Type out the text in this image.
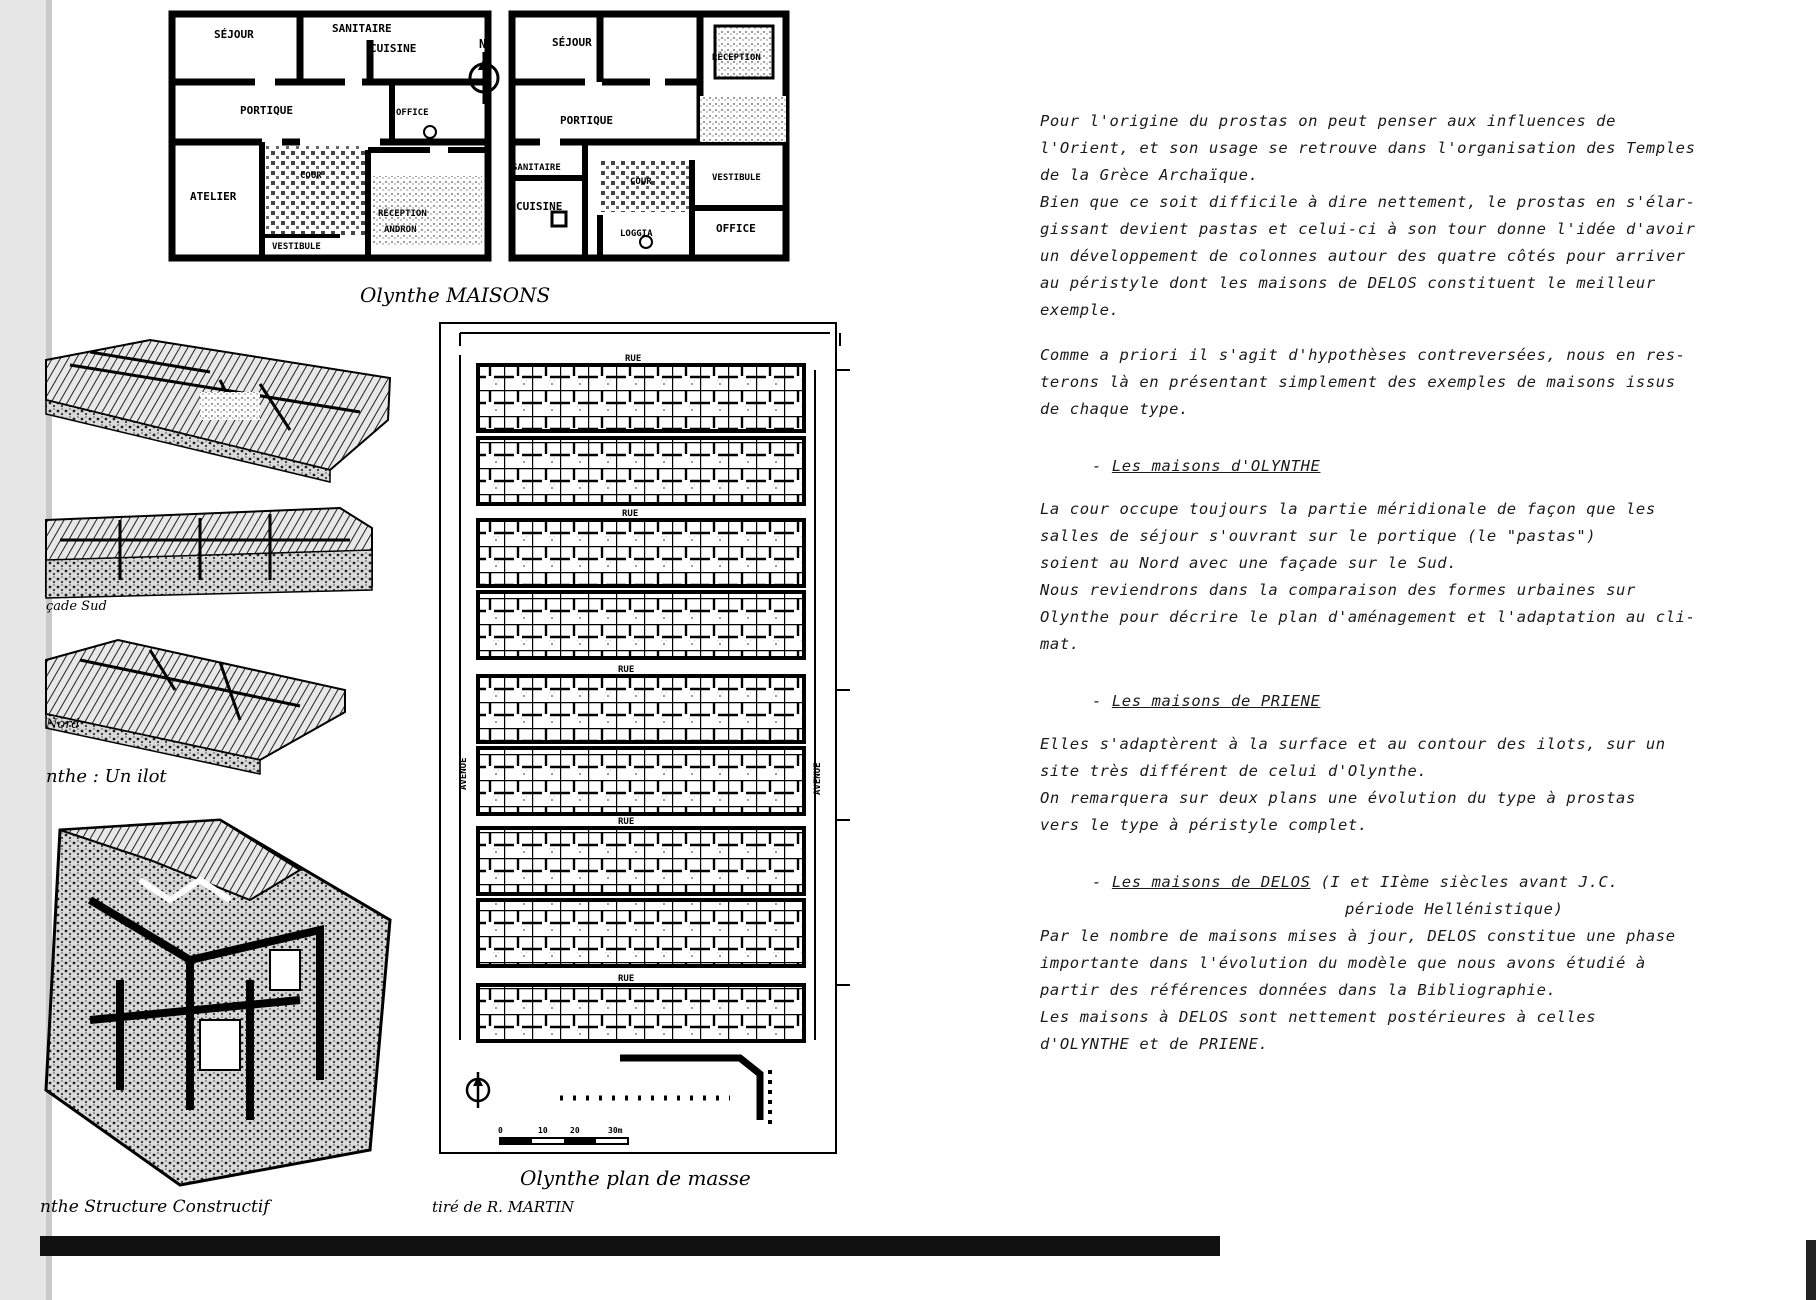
N
SÉJOUR	SANITAIRE
CUISINE
PORTIQUE	OFFICE
ATELIER
COUR
RÉCEPTION
ANDRON
VESTIBULE
SÉJOUR
RÉCEPTION
PORTIQUE
SANITAIRE
COUR	VESTIBULE
CUISINE
LOGGIA	OFFICE
Olynthe MAISONS
çade Sud
Nord
nthe : Un ilot
nthe Structure Constructif
RUE
RUE
RUE
RUE
RUE
AVENUE	AVENUE
0	10	20	30m
Olynthe plan de masse
tiré de R. MARTIN

Pour l'origine du prostas on peut penser aux influences de

l'Orient, et son usage se retrouve dans l'organisation des Temples

de la Grèce Archaïque.

Bien que ce soit difficile à dire nettement, le prostas en s'élar-

gissant devient pastas et celui-ci à son tour donne l'idée d'avoir

un développement de colonnes autour des quatre côtés pour arriver

au péristyle dont les maisons de DELOS constituent le meilleur

exemple.

Comme a priori il s'agit d'hypothèses contreversées, nous en res-

terons là en présentant simplement des exemples de maisons issus

de chaque type.

- Les maisons d'OLYNTHE

La cour occupe toujours la partie méridionale de façon que les

salles de séjour s'ouvrant sur le portique (le "pastas")

soient au Nord avec une façade sur le Sud.

Nous reviendrons dans la comparaison des formes urbaines sur

Olynthe pour décrire le plan d'aménagement et l'adaptation au cli-

mat.

- Les maisons de PRIENE

Elles s'adaptèrent à la surface et au contour des ilots, sur un

site très différent de celui d'Olynthe.

On remarquera sur deux plans une évolution du type à prostas

vers le type à péristyle complet.

- Les maisons de DELOS (I et IIème siècles avant J.C.

période Hellénistique)

Par le nombre de maisons mises à jour, DELOS constitue une phase

importante dans l'évolution du modèle que nous avons étudié à

partir des références données dans la Bibliographie.

Les maisons à DELOS sont nettement postérieures à celles

d'OLYNTHE et de PRIENE.
